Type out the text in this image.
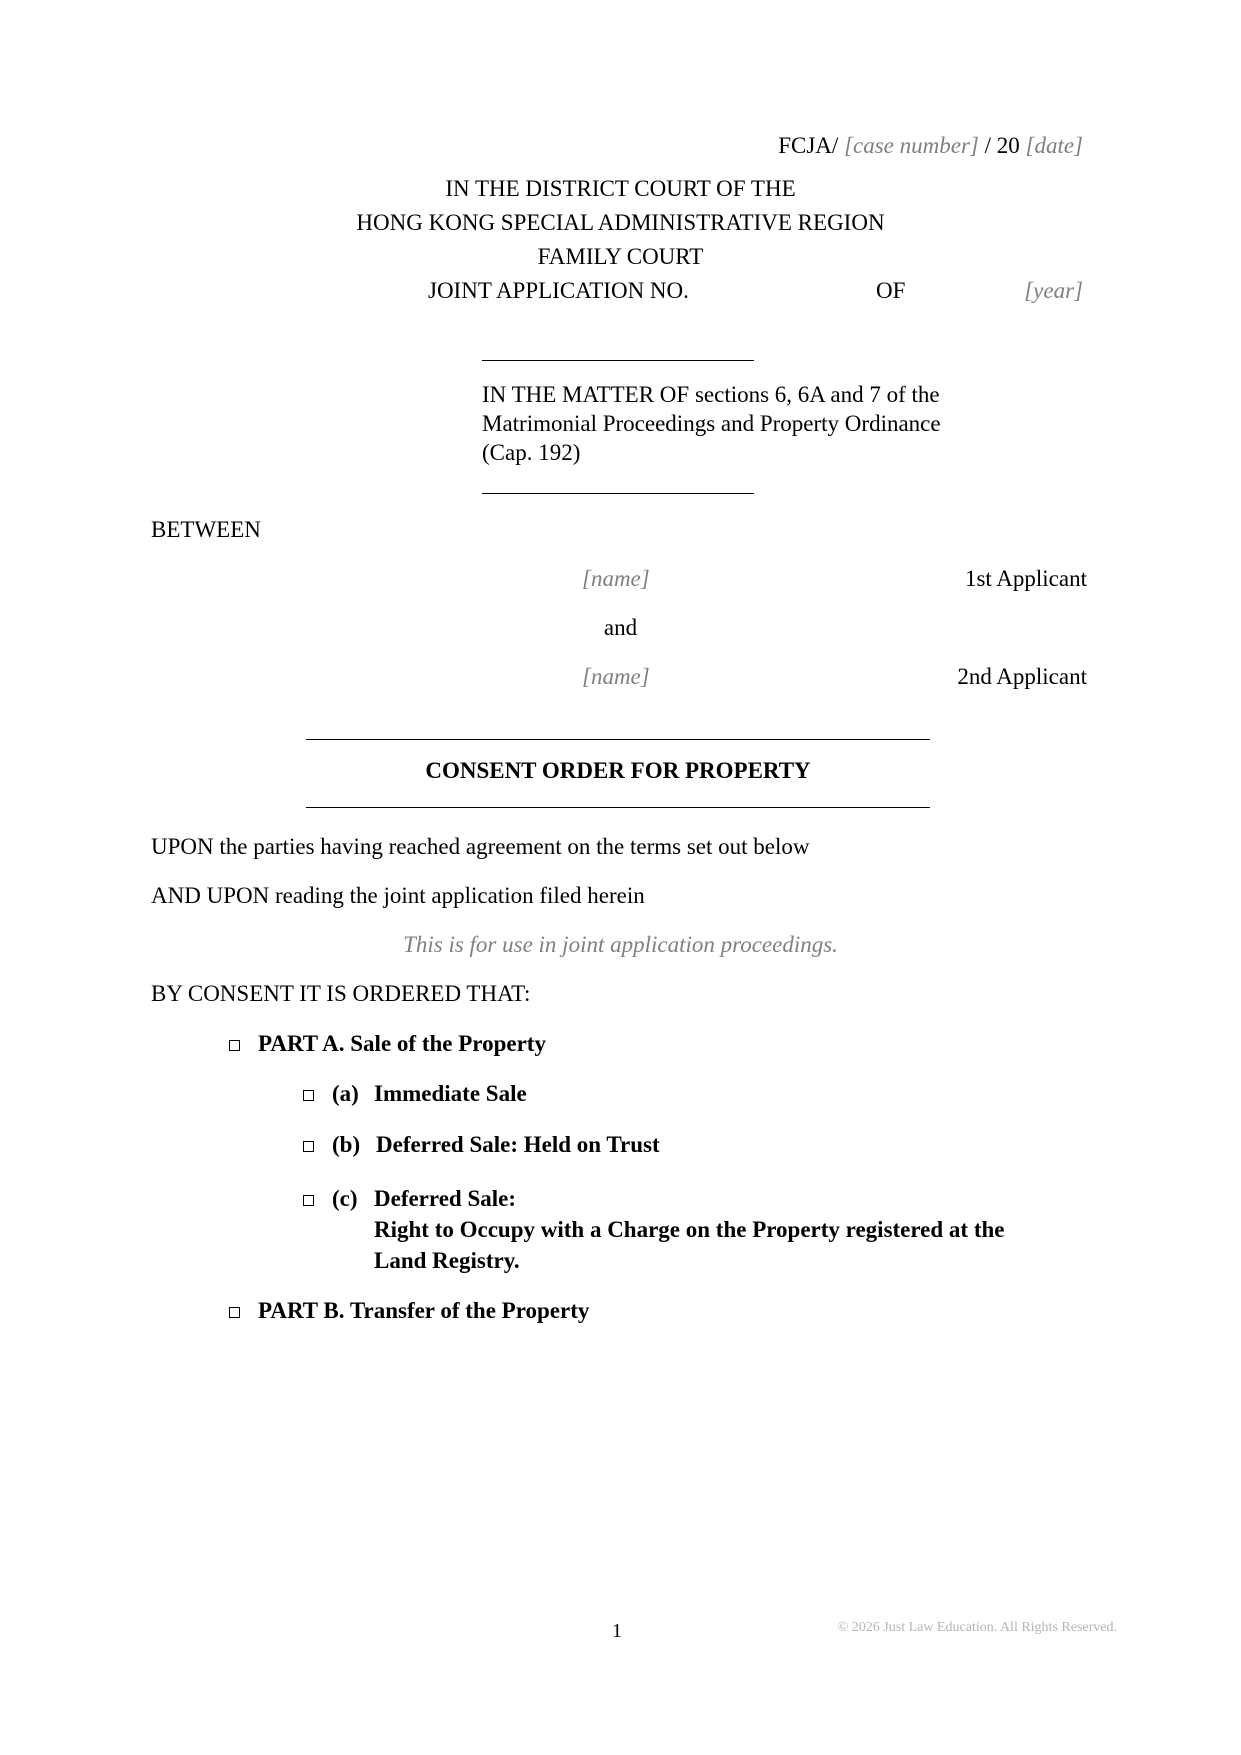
FCJA/ [case number] / 20 [date]
IN THE DISTRICT COURT OF THE
HONG KONG SPECIAL ADMINISTRATIVE REGION
FAMILY COURT
JOINT APPLICATION NO.	OF	[year]
IN THE MATTER OF sections 6, 6A and 7 of the
Matrimonial Proceedings and Property Ordinance
(Cap. 192)
BETWEEN
[name]	1st Applicant
and
[name]	2nd Applicant
CONSENT ORDER FOR PROPERTY
UPON the parties having reached agreement on the terms set out below
AND UPON reading the joint application filed herein
This is for use in joint application proceedings.
BY CONSENT IT IS ORDERED THAT:
PART A. Sale of the Property
(a) Immediate Sale
(b) Deferred Sale: Held on Trust
(c) Deferred Sale:
Right to Occupy with a Charge on the Property registered at the
Land Registry.
PART B. Transfer of the Property
1	© 2026 Just Law Education. All Rights Reserved.
